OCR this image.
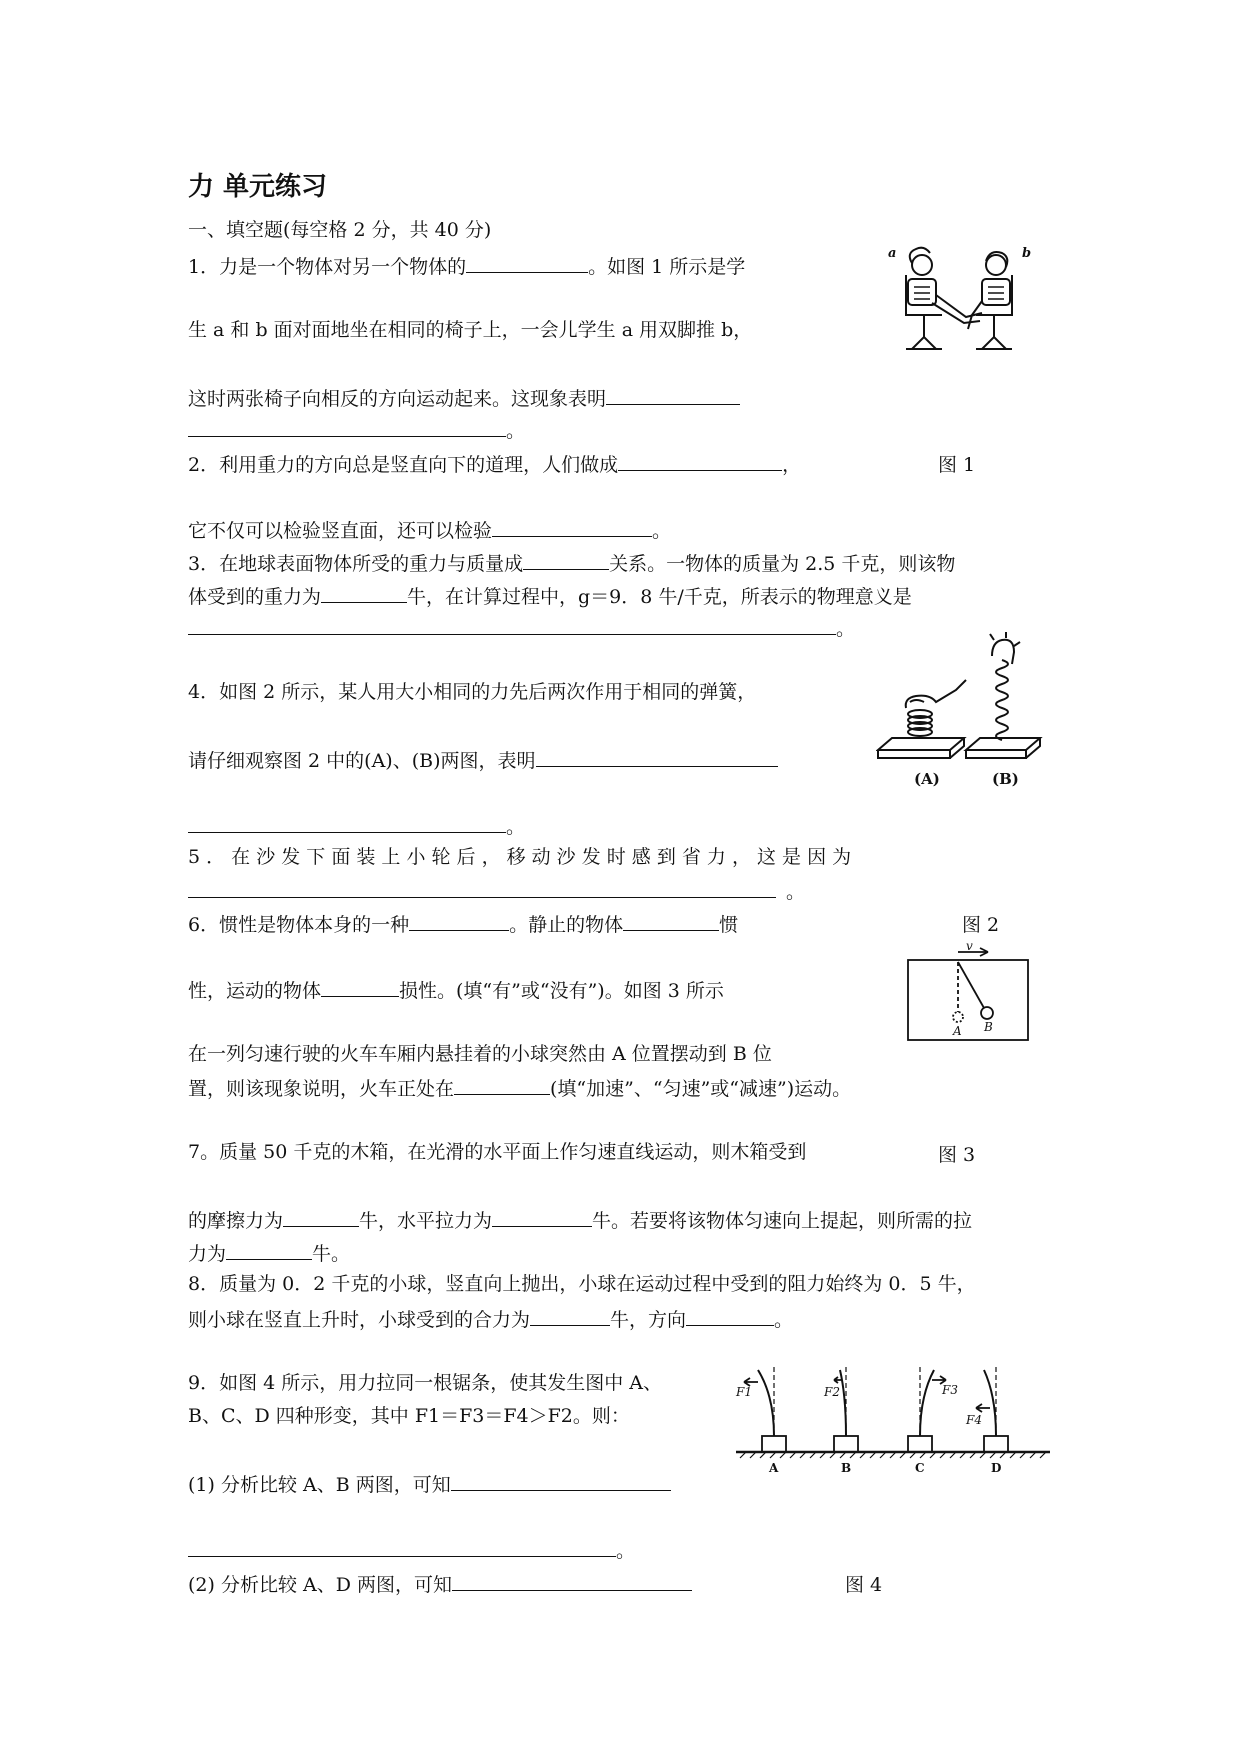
力 单元练习
一、填空题(每空格 2 分，共 40 分)
1．力是一个物体对另一个物体的	。如图 1 所示是学
生 a 和 b 面对面地坐在相同的椅子上，一会儿学生 a 用双脚推 b，
这时两张椅子向相反的方向运动起来。这现象表明
。
2．利用重力的方向总是竖直向下的道理，人们做成	，
它不仅可以检验竖直面，还可以检验	。
3．在地球表面物体所受的重力与质量成	关系。一物体的质量为 2.5 千克，则该物
体受到的重力为	牛，在计算过程中，g＝9．8 牛/千克，所表示的物理意义是
。
4．如图 2 所示，某人用大小相同的力先后两次作用于相同的弹簧，
请仔细观察图 2 中的(A)、(B)两图，表明
。
5 ． 在 沙 发 下 面 装 上 小 轮 后 ， 移 动 沙 发 时 感 到 省 力 ， 这 是 因 为
。
6．惯性是物体本身的一种	。静止的物体	惯
性，运动的物体	损性。(填“有”或“没有”)。如图 3 所示
在一列匀速行驶的火车车厢内悬挂着的小球突然由 A 位置摆动到 B 位
置，则该现象说明，火车正处在	(填“加速”、“匀速”或“减速”)运动。
7。质量 50 千克的木箱，在光滑的水平面上作匀速直线运动，则木箱受到
的摩擦力为	牛，水平拉力为	牛。若要将该物体匀速向上提起，则所需的拉
力为	牛。
8．质量为 0．2 千克的小球，竖直向上抛出，小球在运动过程中受到的阻力始终为 0．5 牛，
则小球在竖直上升时，小球受到的合力为	牛，方向	。
9．如图 4 所示，用力拉同一根锯条，使其发生图中 A、
B、C、D 四种形变，其中 F1＝F3＝F4＞F2。则：
(1) 分析比较 A、B 两图，可知
。
(2) 分析比较 A、D 两图，可知
图 1
图 2
图 3
图 4
a	b
(A)	(B)
v
A B
F1	F2	F3
F4
A	B	C	D
